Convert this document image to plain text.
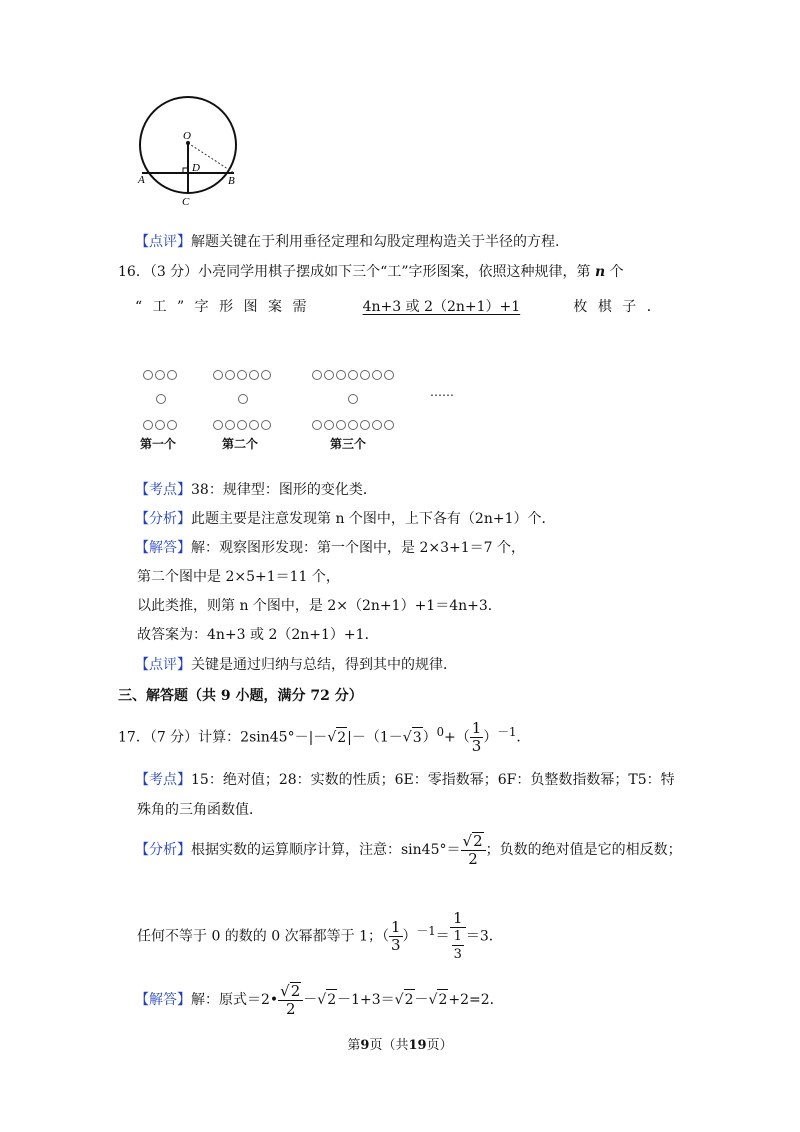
O
D
A	B
C
【点评】解题关键在于利用垂径定理和勾股定理构造关于半径的方程.
16．（3 分）小亮同学用棋子摆成如下三个“工”字形图案，依照这种规律，第 n 个
“ 工 ” 字 形 图 案 需	4n+3 或 2（2n+1）+1	枚 棋 子 ．
……
第一个	第二个	第三个
【考点】38：规律型：图形的变化类．
【分析】此题主要是注意发现第 n 个图中，上下各有（2n+1）个．
【解答】解：观察图形发现：第一个图中，是 2×3+1＝7 个，
第二个图中是 2×5+1＝11 个，
以此类推，则第 n 个图中，是 2×（2n+1）+1＝4n+3．
故答案为：4n+3 或 2（2n+1）+1．
【点评】关键是通过归纳与总结，得到其中的规律．
三、解答题（共 9 小题，满分 72 分）
17．（7 分）计算：$2\sin 45^\circ-|-√2|-(1-√3)^0+( \frac{1}{3} )^{-1}$．
【考点】15：绝对值；28：实数的性质；6E：零指数幂；6F：负整数指数幂；T5：特
殊角的三角函数值．
【分析】根据实数的运算顺序计算，注意：$\sin 45^\circ= \frac{√2}{2}$ ；负数的绝对值是它的相反数；
任何不等于 0 的数的 0 次幂都等于 1；（ $\frac{1}{3} )^{-1}= \frac{1}{\frac{1}{3}} =3$．
【解答】解：原式＝2• $\frac{√2}{2} -√2-1+3=√2-√2+2=2$．
第9页（共19页）
